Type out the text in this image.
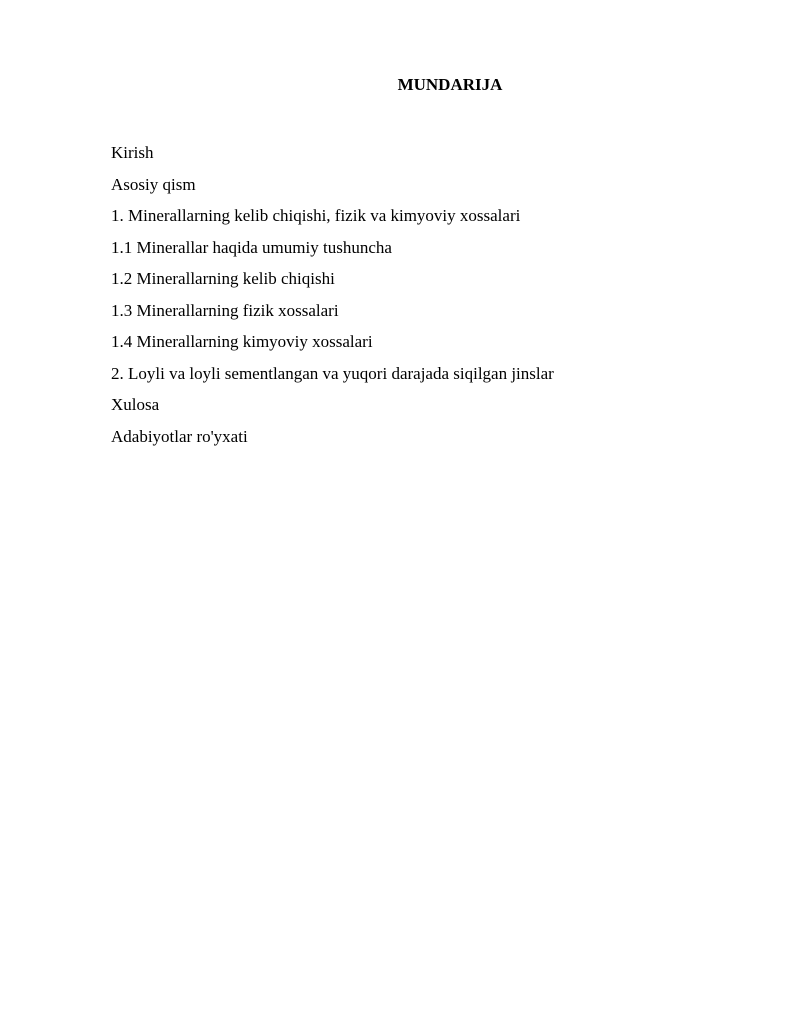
MUNDARIJA
Kirish
Asosiy qism
1. Minerallarning kelib chiqishi, fizik va kimyoviy xossalari
1.1 Minerallar haqida umumiy tushuncha
1.2 Minerallarning kelib chiqishi
1.3 Minerallarning fizik xossalari
1.4 Minerallarning kimyoviy xossalari
2. Loyli va loyli sementlangan va yuqori darajada siqilgan jinslar
Xulosa
Adabiyotlar ro'yxati
